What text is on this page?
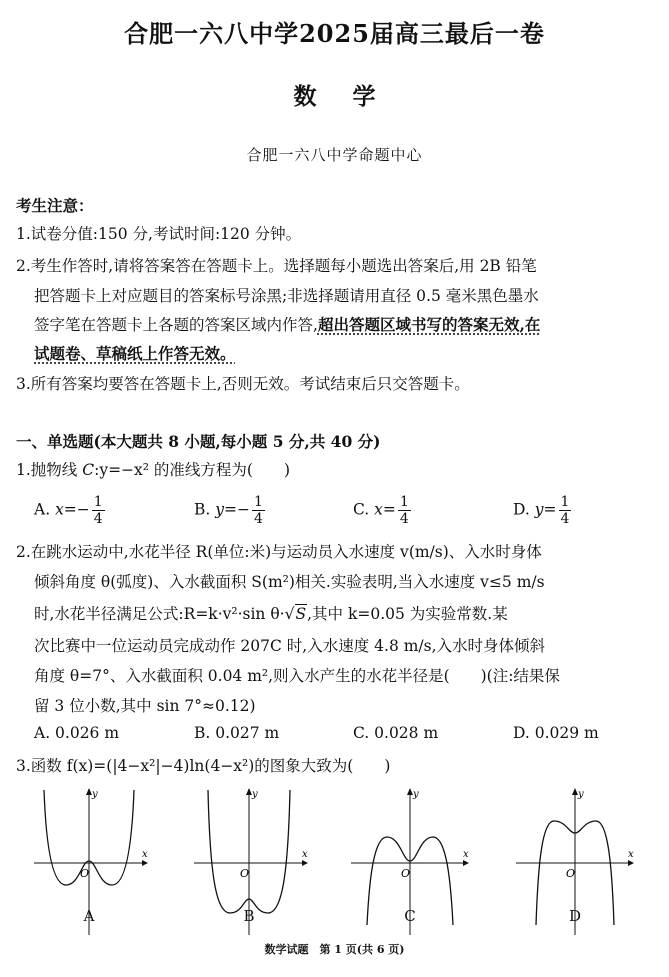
合肥一六八中学2025届高三最后一卷
数学
合肥一六八中学命题中心
考生注意：
1.试卷分值:150 分,考试时间:120 分钟。
2.考生作答时,请将答案答在答题卡上。选择题每小题选出答案后,用 2B 铅笔
把答题卡上对应题目的答案标号涂黑;非选择题请用直径 0.5 毫米黑色墨水
签字笔在答题卡上各题的答案区域内作答,超出答题区域书写的答案无效,在
试题卷、草稿纸上作答无效。
3.所有答案均要答在答题卡上,否则无效。考试结束后只交答题卡。
一、单选题(本大题共 8 小题,每小题 5 分,共 40 分)
1.抛物线 C:y=−x² 的准线方程为(　　)
A. $x=- \frac{1}{4}$	B. $y=- \frac{1}{4}$	C. $x= \frac{1}{4}$	D. $y= \frac{1}{4}$
2.在跳水运动中,水花半径 R(单位:米)与运动员入水速度 v(m/s)、入水时身体
倾斜角度 θ(弧度)、入水截面积 S(m²)相关.实验表明,当入水速度 v≤5 m/s
时,水花半径满足公式:R=k·v²·sin θ·√S,其中 k=0.05 为实验常数.某
次比赛中一位运动员完成动作 207C 时,入水速度 4.8 m/s,入水时身体倾斜
角度 θ=7°、入水截面积 0.04 m²,则入水产生的水花半径是(　　)(注:结果保
留 3 位小数,其中 sin 7°≈0.12)
A. 0.026 m	B. 0.027 m	C. 0.028 m	D. 0.029 m
3.函数 f(x)=(|4−x²|−4)ln(4−x²)的图象大致为(　　)
x
y
O
A
x
y
O
B
x
y
O
C
x
y
O
D
数学试题　第 1 页(共 6 页)
